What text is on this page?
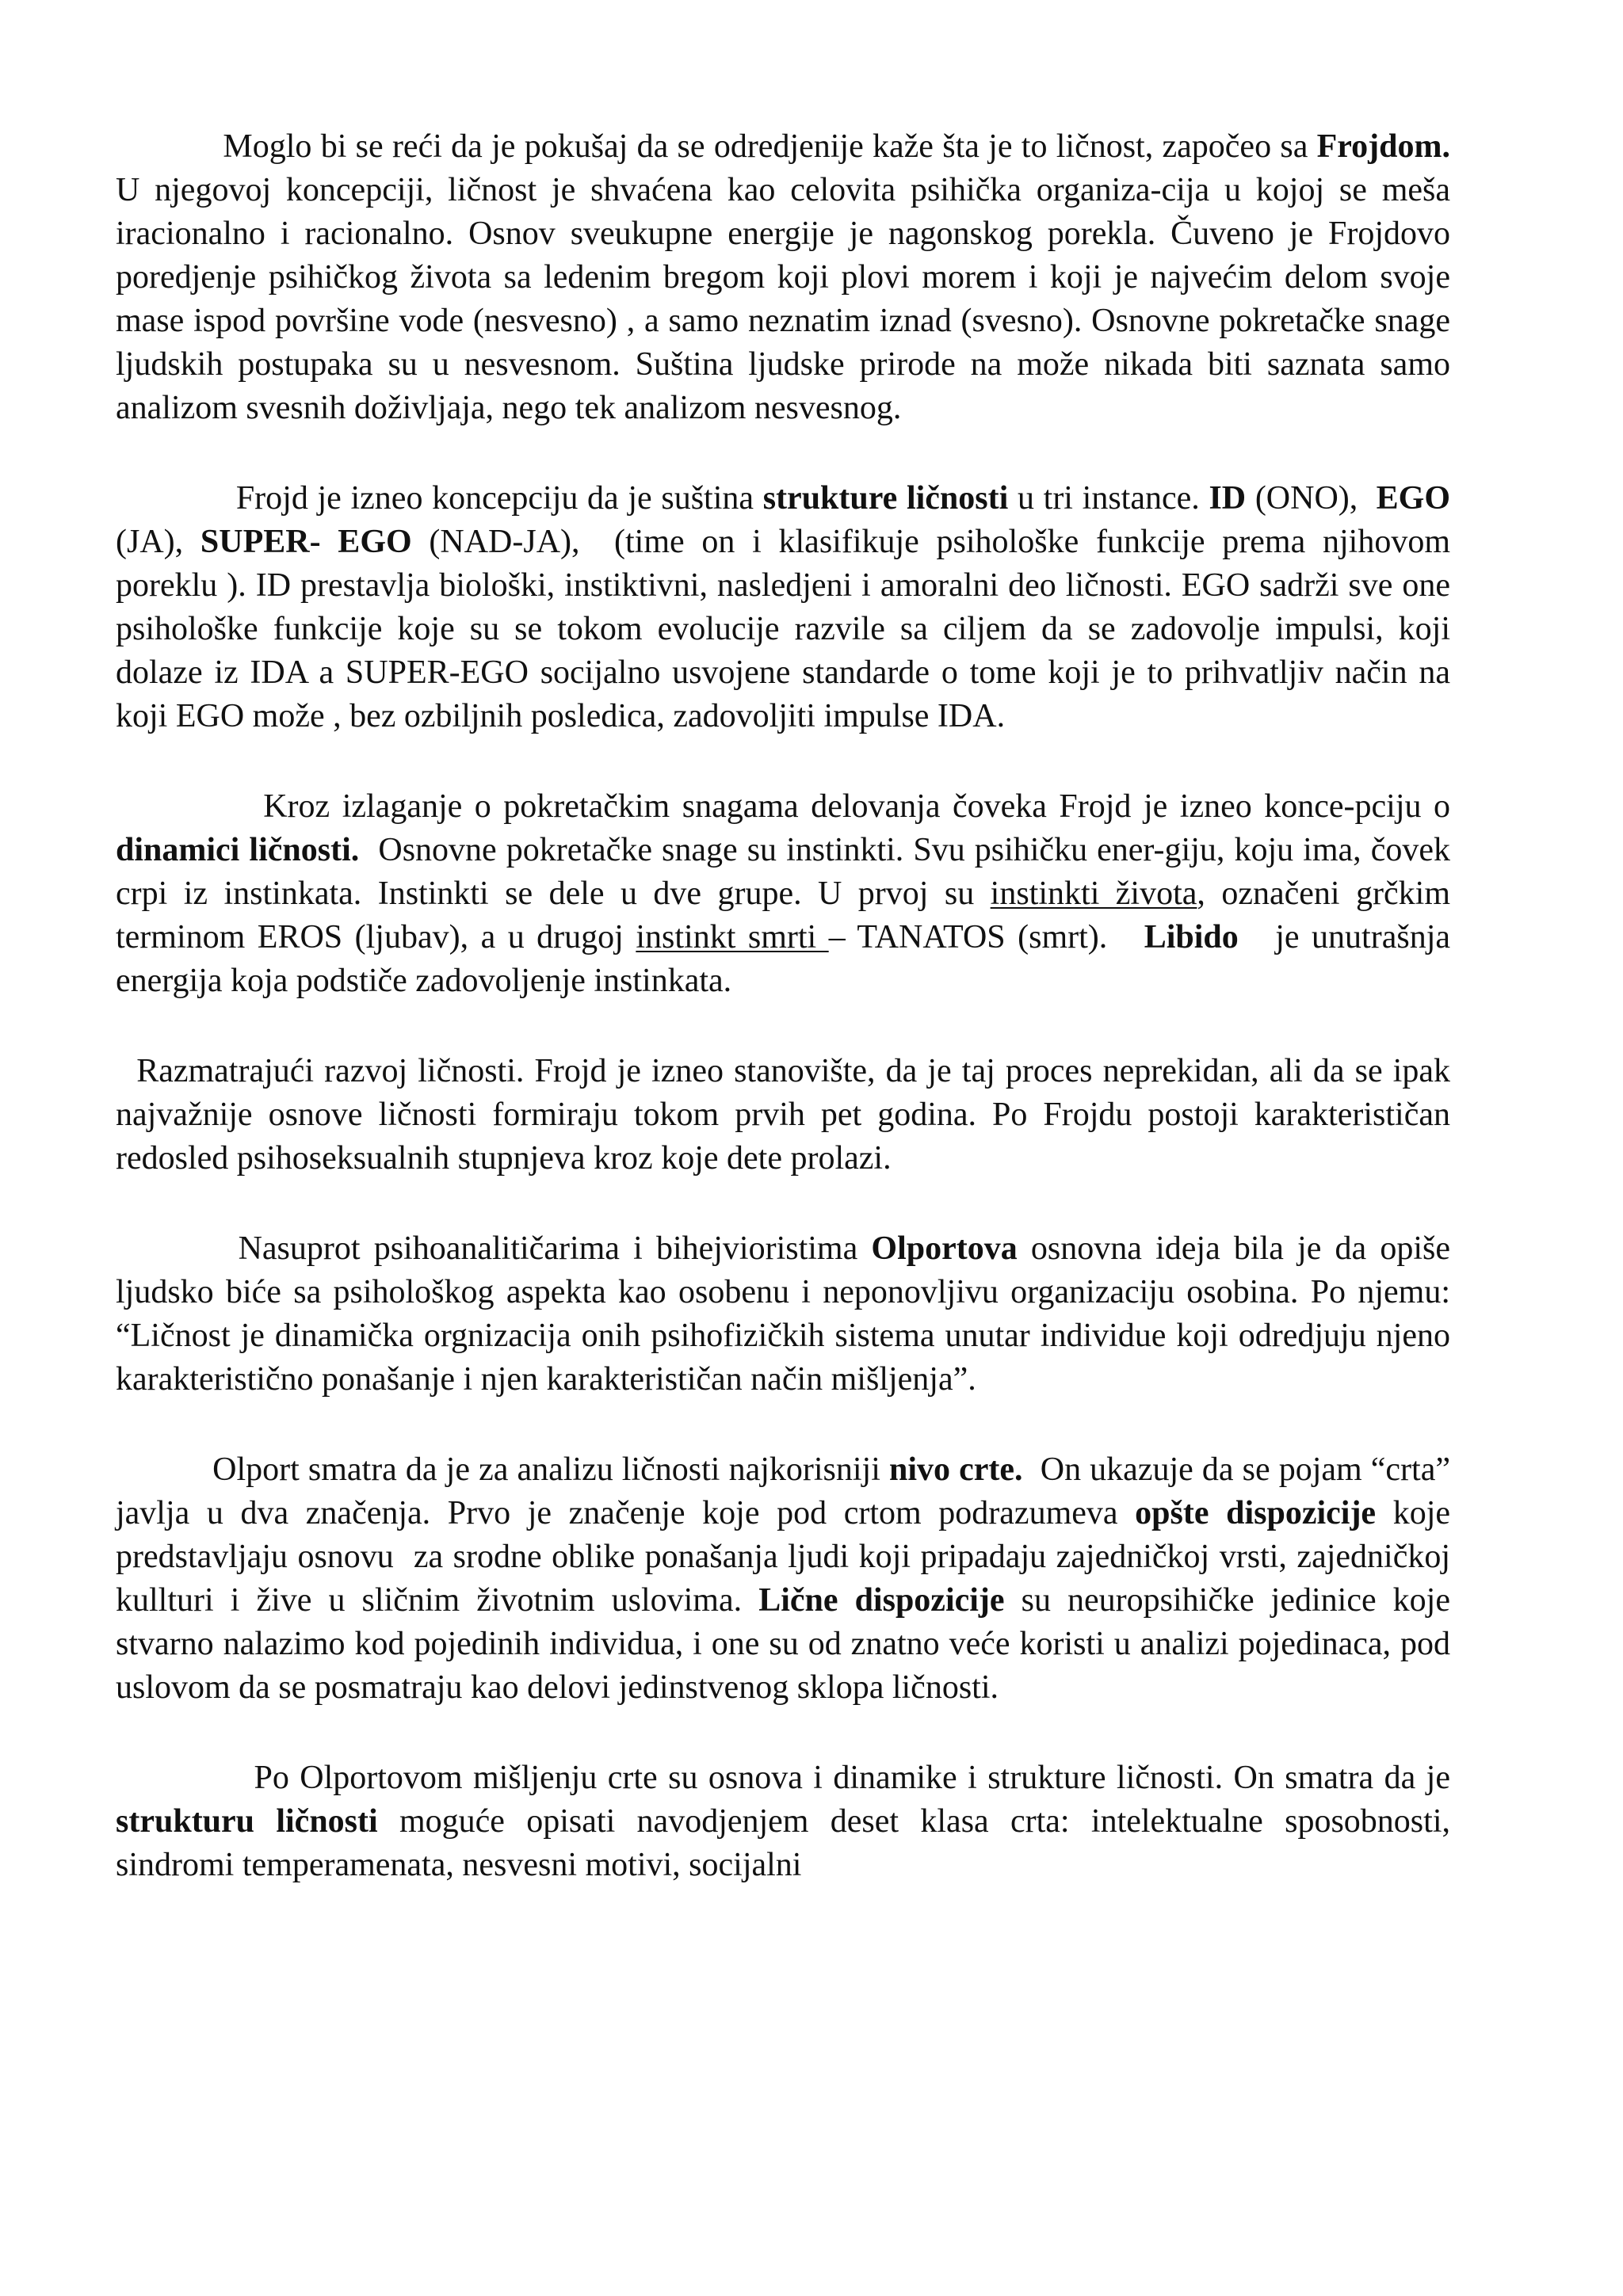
Moglo bi se reći da je pokušaj da se odredjenije kaže šta je to ličnost, započeo sa Frojdom. U njegovoj koncepciji, ličnost je shvaćena kao celovita psihička organiza-cija u kojoj se meša iracionalno i racionalno. Osnov sveukupne energije je nagonskog porekla. Čuveno je Frojdovo poredjenje psihičkog života sa ledenim bregom koji plovi morem i koji je najvećim delom svoje mase ispod površine vode (nesvesno) , a samo neznatim iznad (svesno). Osnovne pokretačke snage ljudskih postupaka su u nesvesnom. Suština ljudske prirode na može nikada biti saznata samo analizom svesnih doživljaja, nego tek analizom nesvesnog.

Frojd je izneo koncepciju da je suština strukture ličnosti u tri instance. ID (ONO),  EGO (JA), SUPER- EGO (NAD-JA),  (time on i klasifikuje psihološke funkcije prema njihovom poreklu ). ID prestavlja biološki, instiktivni, nasledjeni i amoralni deo ličnosti. EGO sadrži sve one psihološke funkcije koje su se tokom evolucije razvile sa ciljem da se zadovolje impulsi, koji dolaze iz IDA a SUPER-EGO socijalno usvojene standarde o tome koji je to prihvatljiv način na koji EGO može , bez ozbiljnih posledica, zadovoljiti impulse IDA.

Kroz izlaganje o pokretačkim snagama delovanja čoveka Frojd je izneo konce-pciju o dinamici ličnosti.  Osnovne pokretačke snage su instinkti. Svu psihičku ener-giju, koju ima, čovek crpi iz instinkata. Instinkti se dele u dve grupe. U prvoj su instinkti života, označeni grčkim terminom EROS (ljubav), a u drugoj instinkt smrti – TANATOS (smrt).   Libido   je unutrašnja energija koja podstiče zadovoljenje instinkata.

Razmatrajući razvoj ličnosti. Frojd je izneo stanovište, da je taj proces neprekidan, ali da se ipak najvažnije osnove ličnosti formiraju tokom prvih pet godina. Po Frojdu postoji karakterističan redosled psihoseksualnih stupnjeva kroz koje dete prolazi.

Nasuprot psihoanalitičarima i bihejvioristima Olportova osnovna ideja bila je da opiše ljudsko biće sa psihološkog aspekta kao osobenu i neponovljivu organizaciju osobina. Po njemu: “Ličnost je dinamička orgnizacija onih psihofizičkih sistema unutar individue koji odredjuju njeno karakteristično ponašanje i njen karakterističan način mišljenja”.

Olport smatra da je za analizu ličnosti najkorisniji nivo crte.  On ukazuje da se pojam “crta” javlja u dva značenja. Prvo je značenje koje pod crtom podrazumeva opšte dispozicije koje predstavljaju osnovu  za srodne oblike ponašanja ljudi koji pripadaju zajedničkoj vrsti, zajedničkoj kullturi i žive u sličnim životnim uslovima. Lične dispozicije su neuropsihičke jedinice koje stvarno nalazimo kod pojedinih individua, i one su od znatno veće koristi u analizi pojedinaca, pod uslovom da se posmatraju kao delovi jedinstvenog sklopa ličnosti.

Po Olportovom mišljenju crte su osnova i dinamike i strukture ličnosti. On smatra da je strukturu ličnosti moguće opisati navodjenjem deset klasa crta: intelektualne sposobnosti, sindromi temperamenata, nesvesni motivi, socijalni
